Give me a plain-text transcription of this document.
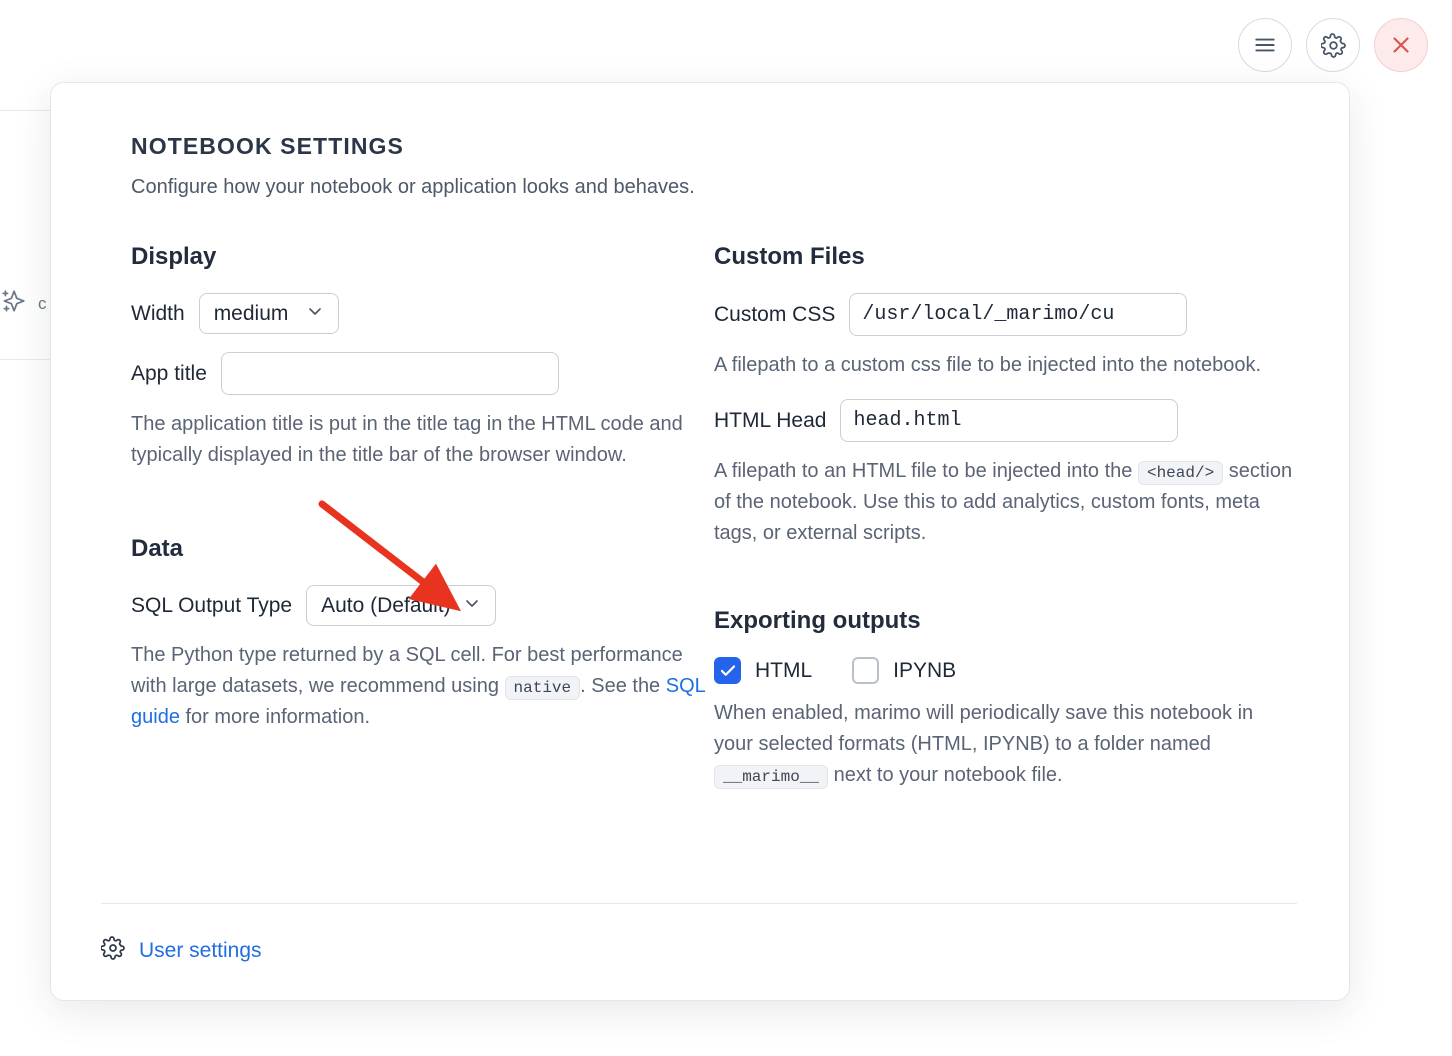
c
NOTEBOOK SETTINGS
Configure how your notebook or application looks and behaves.
Display
Width
medium
App title

The application title is put in the title tag in the HTML code and typically displayed in the title bar of the browser window.

Data
SQL Output Type
Auto (Default)

The Python type returned by a SQL cell. For best performance with large datasets, we recommend using native . See the SQL guide for more information.

Custom Files
Custom CSS
/usr/local/_marimo/cu

A filepath to a custom css file to be injected into the notebook.

HTML Head
head.html

A filepath to an HTML file to be injected into the <head/> section of the notebook. Use this to add analytics, custom fonts, meta tags, or external scripts.

Exporting outputs
HTML	IPYNB

When enabled, marimo will periodically save this notebook in your selected formats (HTML, IPYNB) to a folder named __marimo__ next to your notebook file.

User settings
